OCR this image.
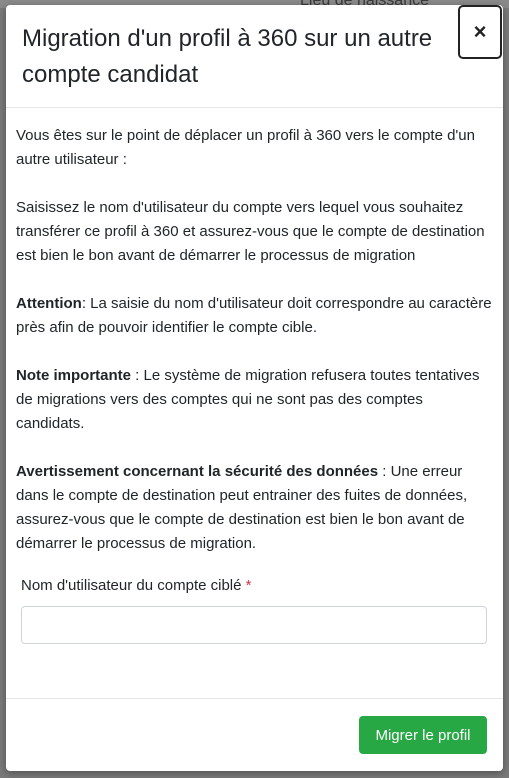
Migration d'un profil à 360 sur un autre compte candidat
×

Vous êtes sur le point de déplacer un profil à 360 vers le compte d'un autre utilisateur :

Saisissez le nom d'utilisateur du compte vers lequel vous souhaitez transférer ce profil à 360 et assurez-vous que le compte de destination est bien le bon avant de démarrer le processus de migration

Attention: La saisie du nom d'utilisateur doit correspondre au caractère près afin de pouvoir identifier le compte cible.

Note importante : Le système de migration refusera toutes tentatives de migrations vers des comptes qui ne sont pas des comptes candidats.

Avertissement concernant la sécurité des données : Une erreur dans le compte de destination peut entrainer des fuites de données, assurez-vous que le compte de destination est bien le bon avant de démarrer le processus de migration.

Nom d'utilisateur du compte ciblé *
Migrer le profil
